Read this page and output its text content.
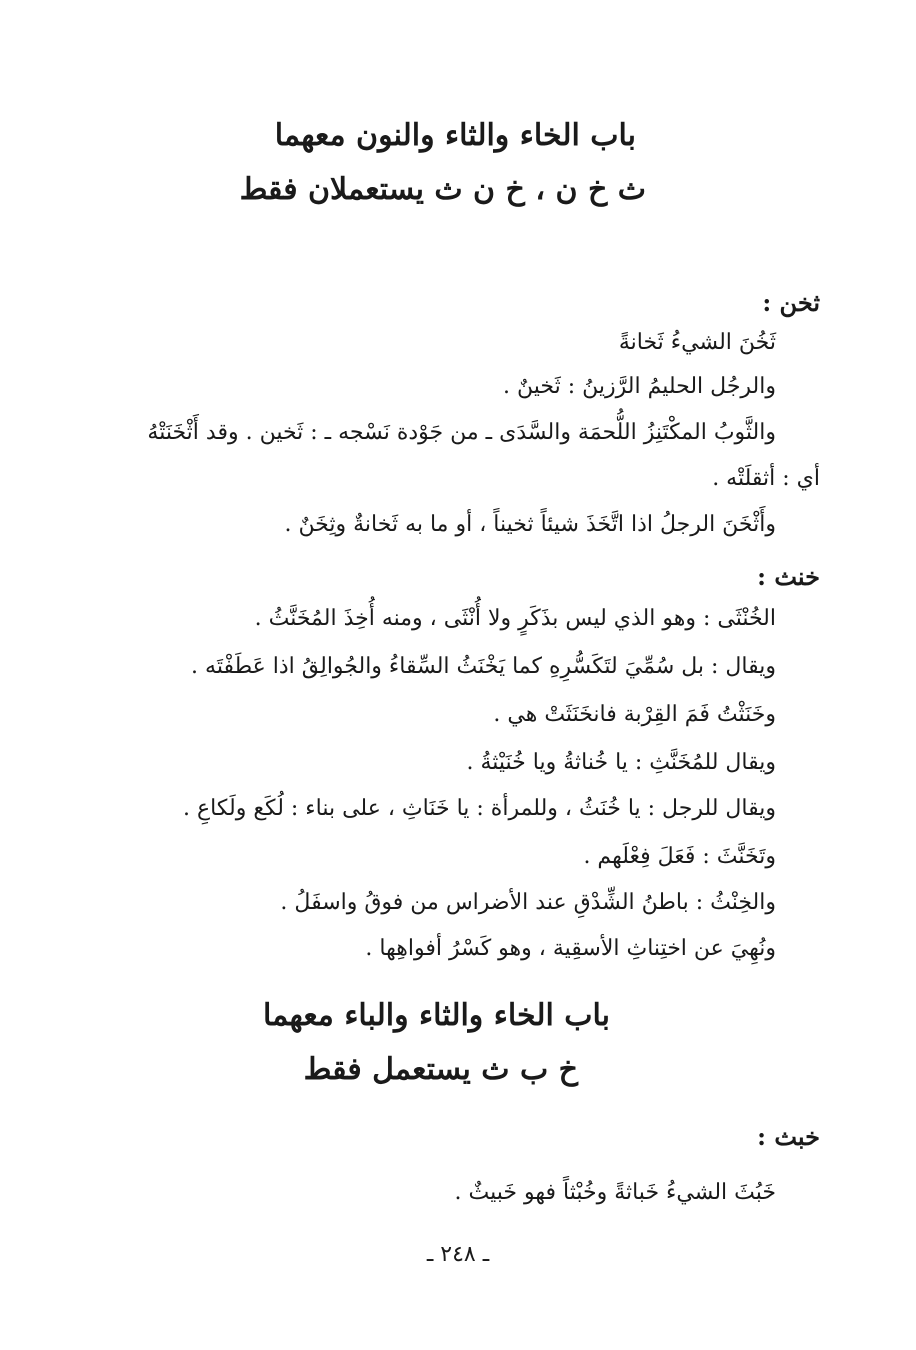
باب الخاء والثاء والنون معهما
ث خ ن ، خ ن ث يستعملان فقط
ثخن :
ثَخُنَ الشيءُ ثَخانةً
والرجُل الحليمُ الرَّزينُ : ثَخينٌ .
والثَّوبُ المكْتَنِزُ اللُّحمَة والسَّدَى ـ من جَوْدة نَسْجه ـ : ثَخين . وقد أَثْخَنَتْهُ
أي : أثقلَتْه .
وأَثْخَنَ الرجلُ اذا اتَّخَذَ شيئاً ثخيناً ، أو ما به ثَخانةٌ وثِخَنٌ .
خنث :
الخُنْثَى : وهو الذي ليس بذَكَرٍ ولا أُنْثَى ، ومنه أُخِذَ المُخَنَّثُ .
ويقال : بل سُمِّيَ لتَكَسُّرِهِ كما يَخْنَثُ السِّقاءُ والجُوالِقُ اذا عَطَفْتَه .
وخَنَثْتُ فَمَ القِرْبة فانخَنَثَتْ هي .
ويقال للمُخَنَّثِ : يا خُناثةُ ويا خُنَيْثةُ .
ويقال للرجل : يا خُنَثُ ، وللمرأة : يا خَنَاثِ ، على بناء : لُكَع ولَكاعِ .
وتَخَنَّثَ : فَعَلَ فِعْلَهم .
والخِنْثُ : باطنُ الشِّدْقِ عند الأضراس من فوقُ واسفَلُ .
ونُهِيَ عن اختِناثِ الأسقِية ، وهو كَسْرُ أفواهِها .
باب الخاء والثاء والباء معهما
خ ب ث يستعمل فقط
خبث :
خَبُثَ الشيءُ خَباثةً وخُبْثاً فهو خَبيثٌ .
ـ ٢٤٨ ـ
